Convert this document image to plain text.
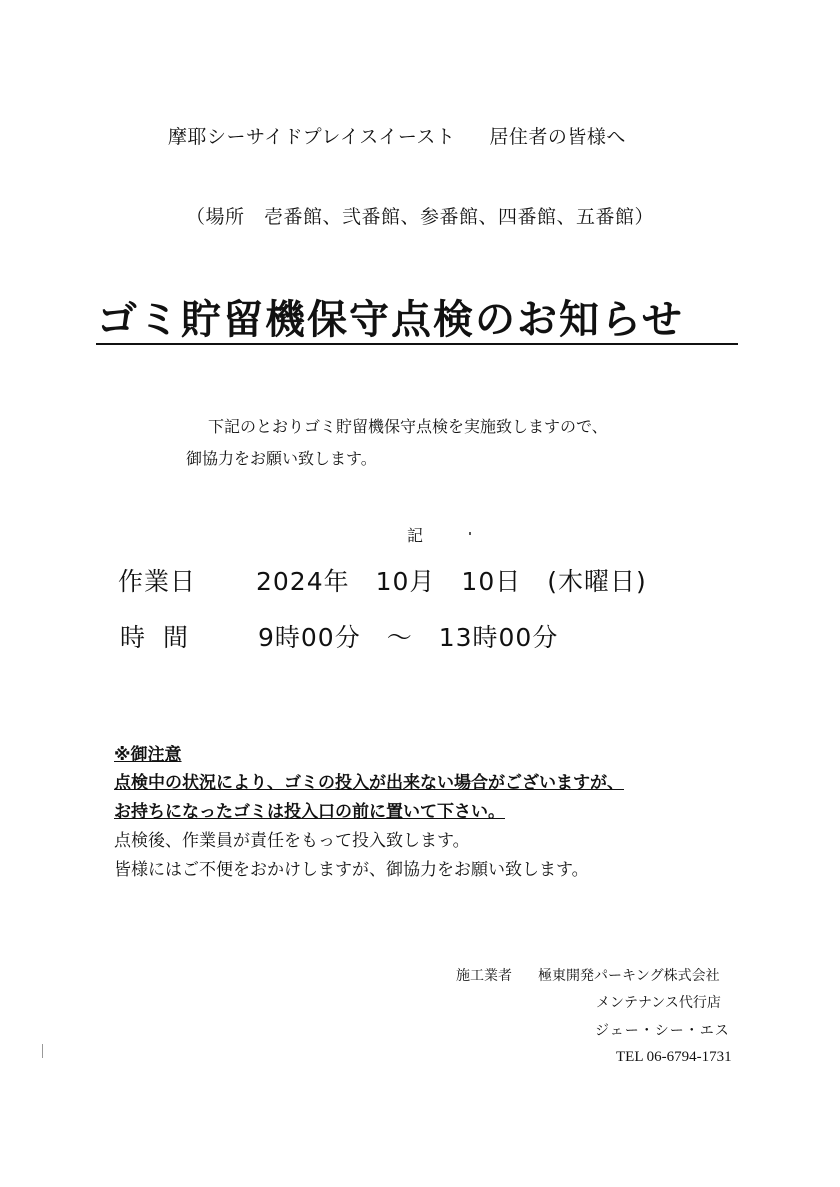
摩耶シーサイドプレイスイースト 居住者の皆様へ
（場所　壱番館、弐番館、参番館、四番館、五番館）
ゴミ貯留機保守点検のお知らせ
下記のとおりゴミ貯留機保守点検を実施致しますので、
御協力をお願い致します。
記
作業日 2024年　10月　10日　(木曜日)
時間 9時00分　～　13時00分
※御注意
点検中の状況により、ゴミの投入が出来ない場合がございますが、
お持ちになったゴミは投入口の前に置いて下さい。
点検後、作業員が責任をもって投入致します。
皆様にはご不便をおかけしますが、御協力をお願い致します。
施工業者 極東開発パーキング株式会社
メンテナンス代行店
ジェー・シー・エス
TEL 06-6794-1731
